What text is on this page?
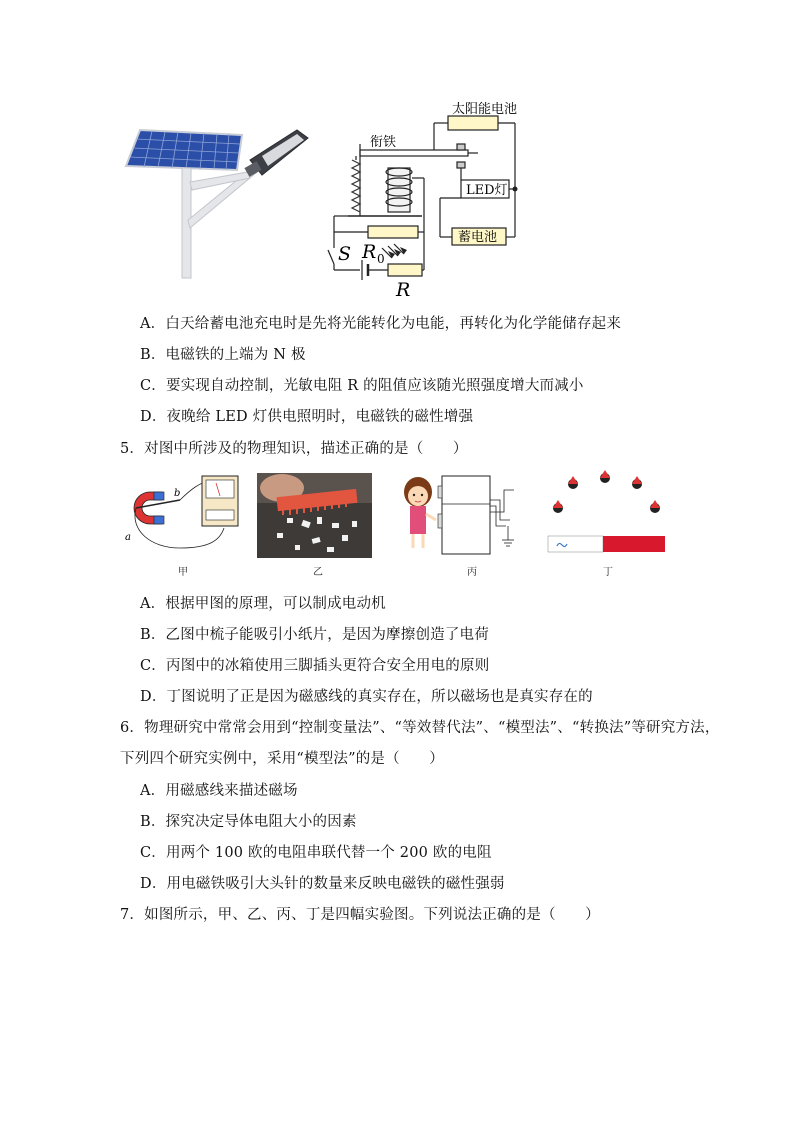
太阳能电池
衔铁
LED灯
蓄电池
S R 0
R
A．白天给蓄电池充电时是先将光能转化为电能，再转化为化学能储存起来
B．电磁铁的上端为 N 极
C．要实现自动控制，光敏电阻 R 的阻值应该随光照强度增大而减小
D．夜晚给 LED 灯供电照明时，电磁铁的磁性增强
5．对图中所涉及的物理知识，描述正确的是（　　）
a
b
甲	乙	丙	丁
A．根据甲图的原理，可以制成电动机
B．乙图中梳子能吸引小纸片，是因为摩擦创造了电荷
C．丙图中的冰箱使用三脚插头更符合安全用电的原则
D．丁图说明了正是因为磁感线的真实存在，所以磁场也是真实存在的
6．物理研究中常常会用到“控制变量法”、“等效替代法”、“模型法”、“转换法”等研究方法，
下列四个研究实例中，采用“模型法”的是（　　）
A．用磁感线来描述磁场
B．探究决定导体电阻大小的因素
C．用两个 100 欧的电阻串联代替一个 200 欧的电阻
D．用电磁铁吸引大头针的数量来反映电磁铁的磁性强弱
7．如图所示，甲、乙、丙、丁是四幅实验图。下列说法正确的是（　　）
